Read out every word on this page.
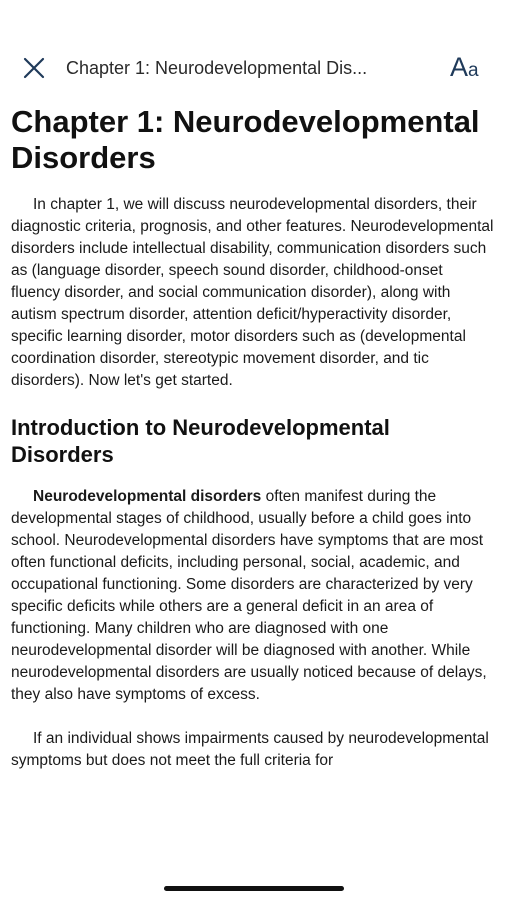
Chapter 1: Neurodevelopmental Dis...	Aa
Chapter 1: Neurodevelopmental Disorders

In chapter 1, we will discuss neurodevelopmental disorders, their diagnostic criteria, prognosis, and other features. Neurodevelopmental disorders include intellectual disability, communication disorders such as (language disorder, speech sound disorder, childhood-onset fluency disorder, and social communication disorder), along with autism spectrum disorder, attention deficit/hyperactivity disorder, specific learning disorder, motor disorders such as (developmental coordination disorder, stereotypic movement disorder, and tic disorders). Now let's get started.

Introduction to Neurodevelopmental Disorders

Neurodevelopmental disorders often manifest during the developmental stages of childhood, usually before a child goes into school. Neurodevelopmental disorders have symptoms that are most often functional deficits, including personal, social, academic, and occupational functioning. Some disorders are characterized by very specific deficits while others are a general deficit in an area of functioning. Many children who are diagnosed with one neurodevelopmental disorder will be diagnosed with another. While neurodevelopmental disorders are usually noticed because of delays, they also have symptoms of excess.

If an individual shows impairments caused by neurodevelopmental symptoms but does not meet the full criteria for
